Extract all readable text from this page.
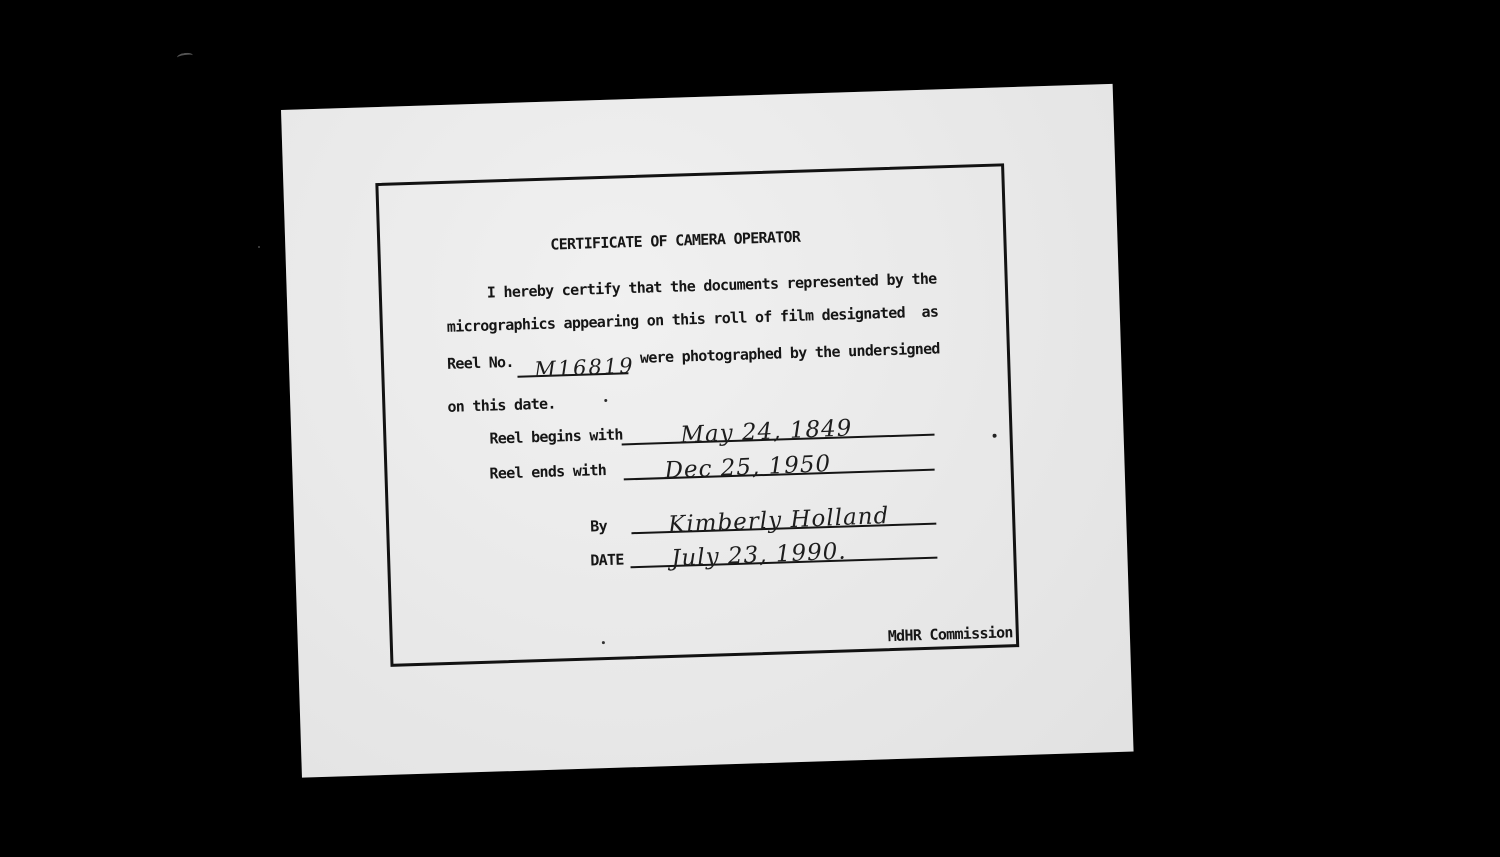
CERTIFICATE OF CAMERA OPERATOR
I hereby certify that the documents represented by the
micrographics appearing on this roll of film designated  as
Reel No. M16819
were photographed by the undersigned
on this date.
Reel begins with May 24, 1849
Reel ends with	Dec 25, 1950
By	Kimberly Holland
DATE July 23, 1990.
MdHR Commission
